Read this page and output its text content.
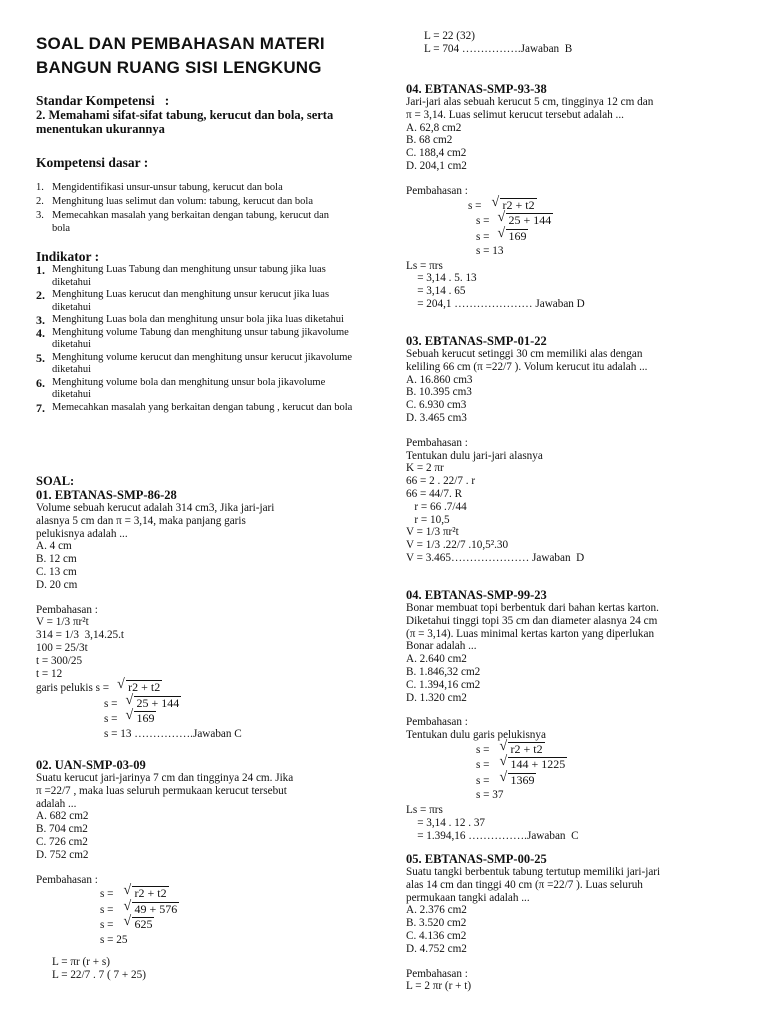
SOAL DAN PEMBAHASAN MATERI
BANGUN RUANG SISI LENGKUNG
Standar Kompetensi   :
2. Memahami sifat-sifat tabung, kerucut dan bola, serta menentukan ukurannya
Kompetensi dasar :
1. Mengidentifikasi unsur-unsur tabung, kerucut dan bola
2. Menghitung luas selimut dan volum: tabung, kerucut dan bola
3. Memecahkan masalah yang berkaitan dengan tabung, kerucut dan bola
Indikator :
1. Menghitung Luas Tabung dan menghitung unsur tabung jika luas diketahui
2. Menghitung Luas kerucut dan menghitung unsur kerucut jika luas diketahui
3. Menghitung Luas bola dan menghitung unsur bola jika luas diketahui
4. Menghitung volume Tabung dan menghitung unsur tabung jikavolume diketahui
5. Menghitung volume kerucut dan menghitung unsur kerucut jikavolume diketahui
6. Menghitung volume bola dan menghitung unsur bola jikavolume diketahui
7. Memecahkan masalah yang berkaitan dengan tabung , kerucut dan bola
SOAL:
01. EBTANAS-SMP-86-28
Volume sebuah kerucut adalah 314 cm3, Jika jari-jari
alasnya 5 cm dan π = 3,14, maka panjang garis
pelukisnya adalah ...
A. 4 cm
B. 12 cm
C. 13 cm
D. 20 cm
Pembahasan :
V = 1/3 πr²t
314 = 1/3  3,14.25.t
100 = 25/3t
t = 300/25
t = 12
garis pelukis s = √ r2 + t2
s = √ 25 + 144
s = √ 169
s = 13 …………….Jawaban C
02. UAN-SMP-03-09
Suatu kerucut jari-jarinya 7 cm dan tingginya 24 cm. Jika
π =22/7 , maka luas seluruh permukaan kerucut tersebut
adalah ...
A. 682 cm2
B. 704 cm2
C. 726 cm2
D. 752 cm2
Pembahasan :
s = √ r2 + t2
s = √ 49 + 576
s = √ 625
s = 25
L = πr (r + s)
L = 22/7 . 7 ( 7 + 25)
L = 22 (32)
L = 704 …………….Jawaban  B
04. EBTANAS-SMP-93-38
Jari-jari alas sebuah kerucut 5 cm, tingginya 12 cm dan
π = 3,14. Luas selimut kerucut tersebut adalah ...
A. 62,8 cm2
B. 68 cm2
C. 188,4 cm2
D. 204,1 cm2
Pembahasan :
s = √ r2 + t2
s = √ 25 + 144
s = √ 169
s = 13
Ls = πrs
= 3,14 . 5. 13
= 3,14 . 65
= 204,1 ………………… Jawaban D
03. EBTANAS-SMP-01-22
Sebuah kerucut setinggi 30 cm memiliki alas dengan
keliling 66 cm (π =22/7 ). Volum kerucut itu adalah ...
A. 16.860 cm3
B. 10.395 cm3
C. 6.930 cm3
D. 3.465 cm3
Pembahasan :
Tentukan dulu jari-jari alasnya
K = 2 πr
66 = 2 . 22/7 . r
66 = 44/7. R
r = 66 .7/44
r = 10,5
V = 1/3 πr²t
V = 1/3 .22/7 .10,5².30
V = 3.465………………… Jawaban  D
04. EBTANAS-SMP-99-23
Bonar membuat topi berbentuk dari bahan kertas karton.
Diketahui tinggi topi 35 cm dan diameter alasnya 24 cm
(π = 3,14). Luas minimal kertas karton yang diperlukan
Bonar adalah ...
A. 2.640 cm2
B. 1.846,32 cm2
C. 1.394,16 cm2
D. 1.320 cm2
Pembahasan :
Tentukan dulu garis pelukisnya
s = √ r2 + t2
s = √ 144 + 1225
s = √ 1369
s = 37
Ls = πrs
= 3,14 . 12 . 37
= 1.394,16 …………….Jawaban  C
05. EBTANAS-SMP-00-25
Suatu tangki berbentuk tabung tertutup memiliki jari-jari
alas 14 cm dan tinggi 40 cm (π =22/7 ). Luas seluruh
permukaan tangki adalah ...
A. 2.376 cm2
B. 3.520 cm2
C. 4.136 cm2
D. 4.752 cm2
Pembahasan :
L = 2 πr (r + t)
